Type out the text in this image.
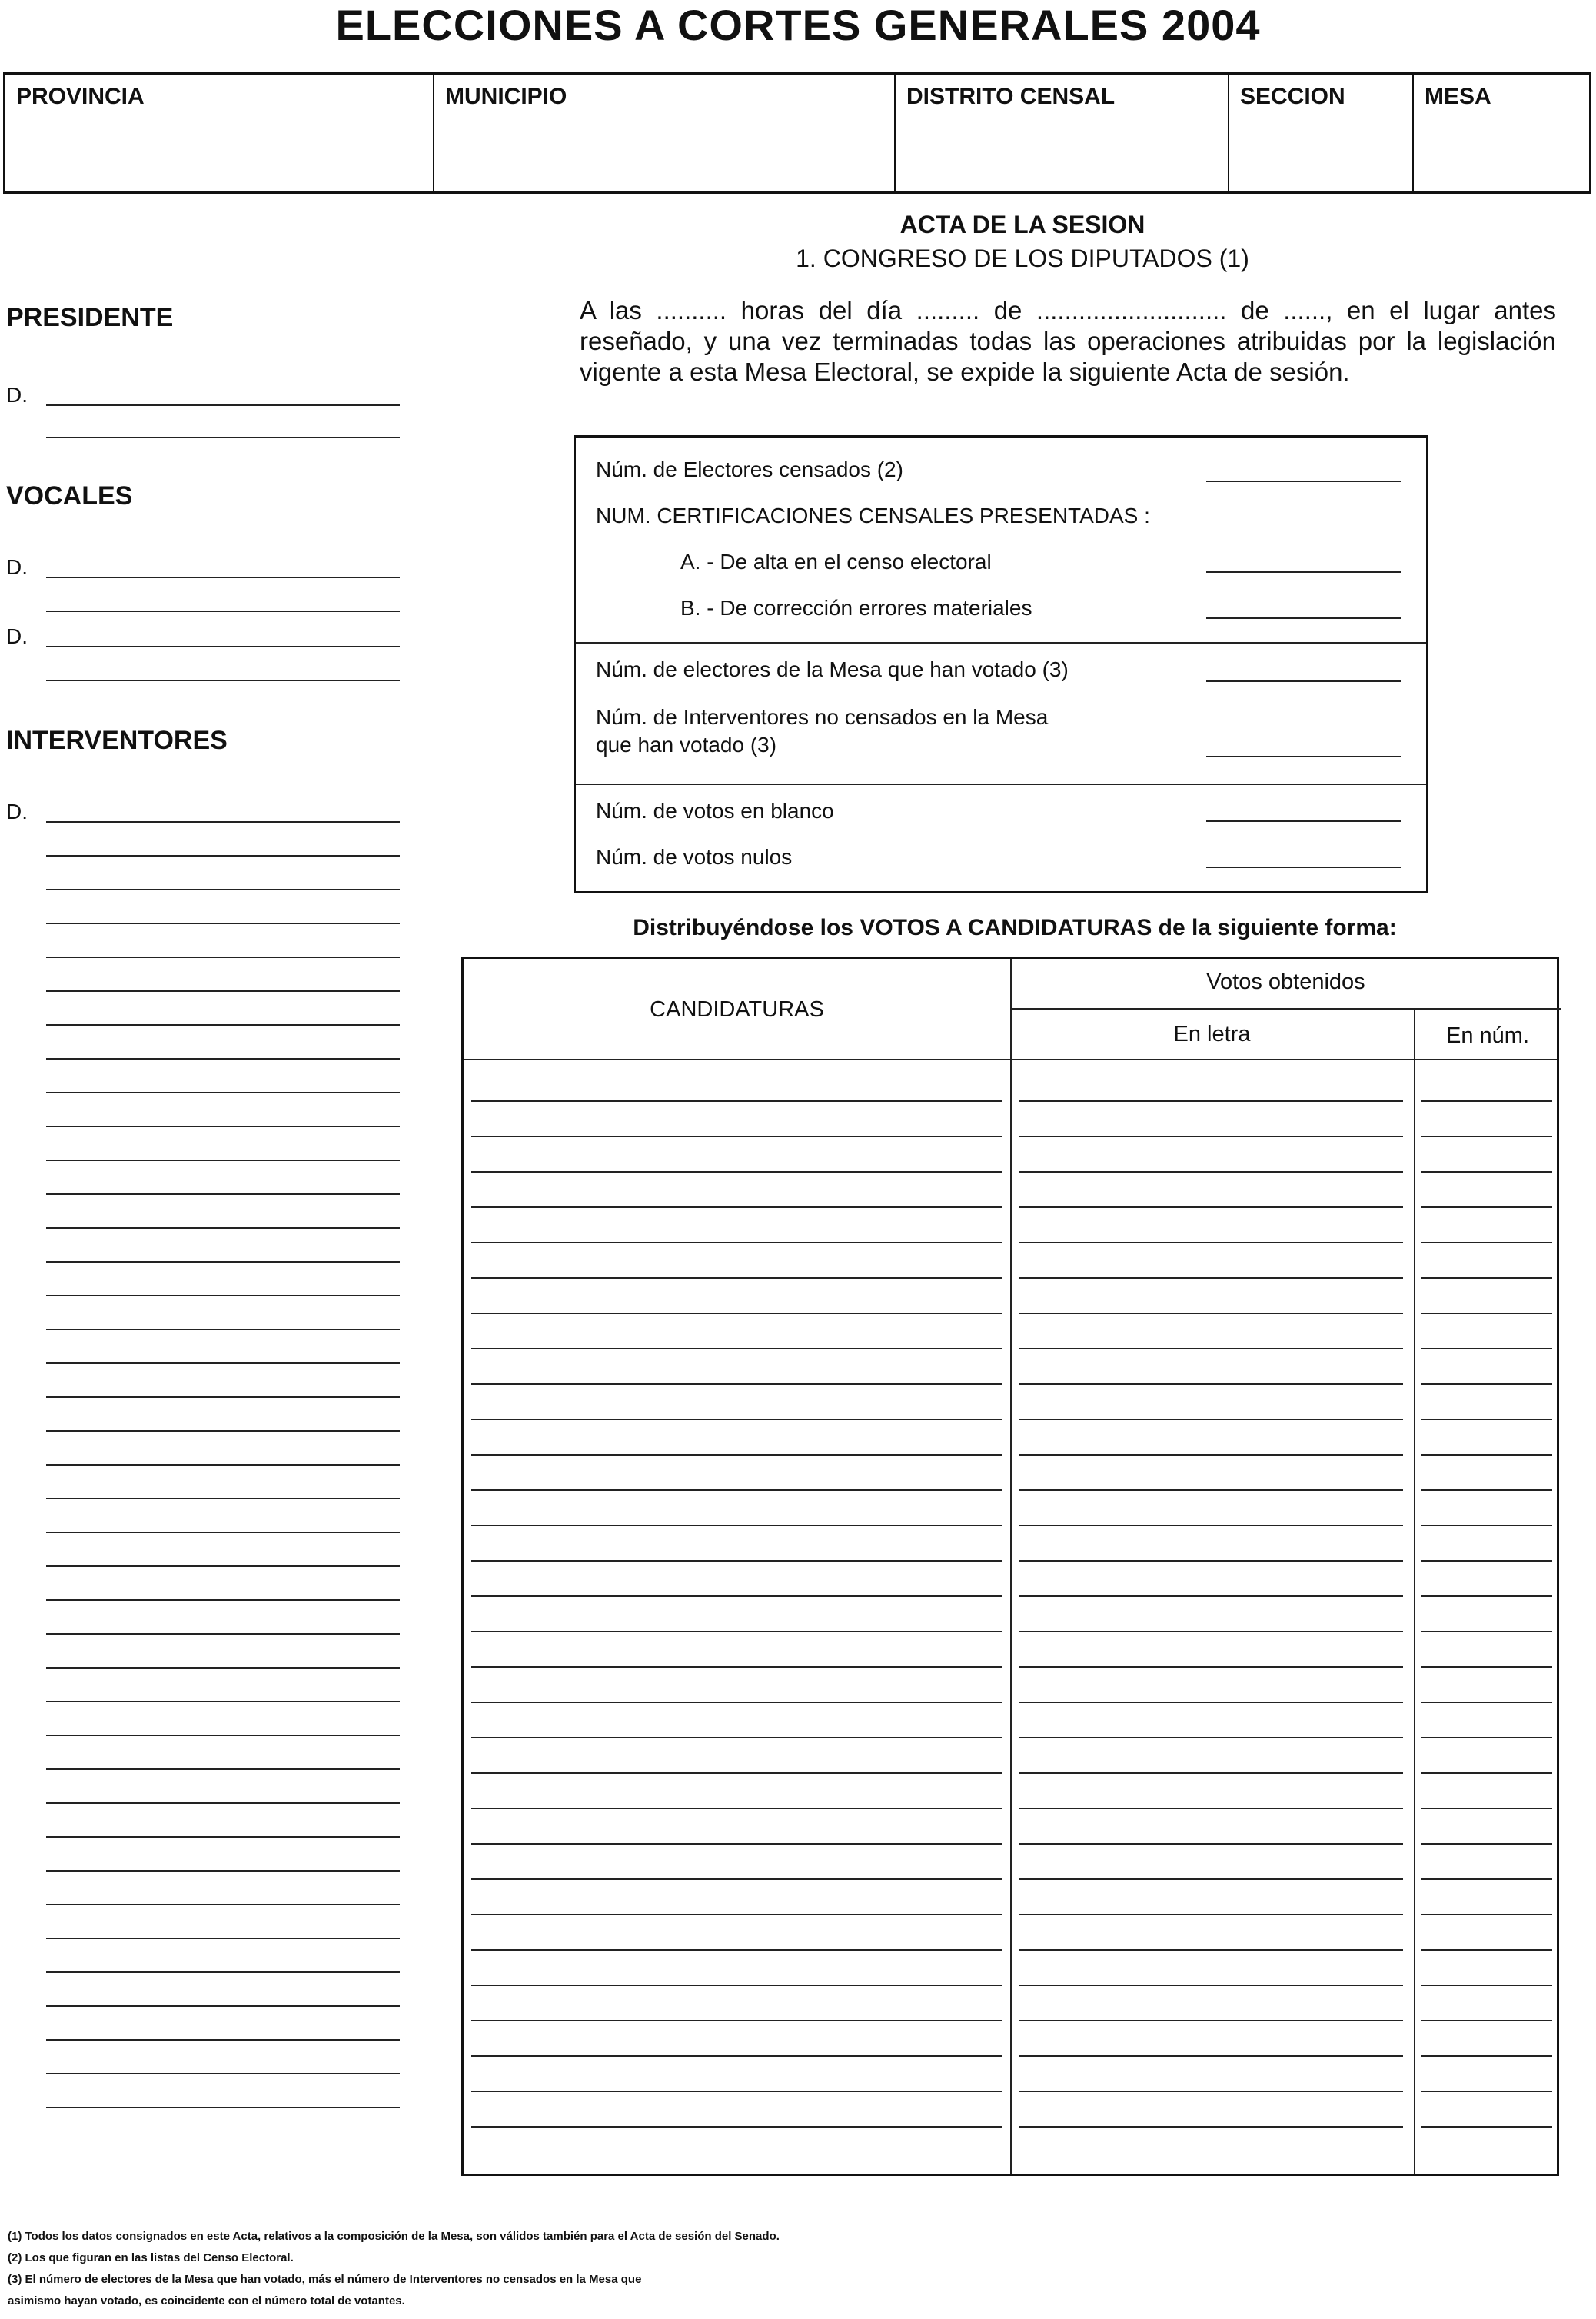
ELECCIONES A CORTES GENERALES 2004
PROVINCIA	MUNICIPIO	DISTRITO CENSAL	SECCION	MESA
ACTA DE LA SESION
1. CONGRESO DE LOS DIPUTADOS (1)
A las .......... horas del día ......... de ........................... de ......, en el lugar antes reseñado, y una vez terminadas todas las operaciones atribuidas por la legislación vigente a esta Mesa Electoral, se expide la siguiente Acta de sesión.
PRESIDENTE
D.
VOCALES
D.
D.
INTERVENTORES
D.
Núm. de Electores censados (2)
NUM. CERTIFICACIONES CENSALES PRESENTADAS :
A. - De alta en el censo electoral
B. - De corrección errores materiales
Núm. de electores de la Mesa que han votado (3)
Núm. de Interventores no censados en la Mesa
que han votado (3)
Núm. de votos en blanco
Núm. de votos nulos
Distribuyéndose los VOTOS A CANDIDATURAS de la siguiente forma:
CANDIDATURAS
Votos obtenidos
En letra	En núm.
(1) Todos los datos consignados en este Acta, relativos a la composición de la Mesa, son válidos también para el Acta de sesión del Senado.
(2) Los que figuran en las listas del Censo Electoral.
(3) El número de electores de la Mesa que han votado, más el número de Interventores no censados en la Mesa que
asimismo hayan votado, es coincidente con el número total de votantes.
